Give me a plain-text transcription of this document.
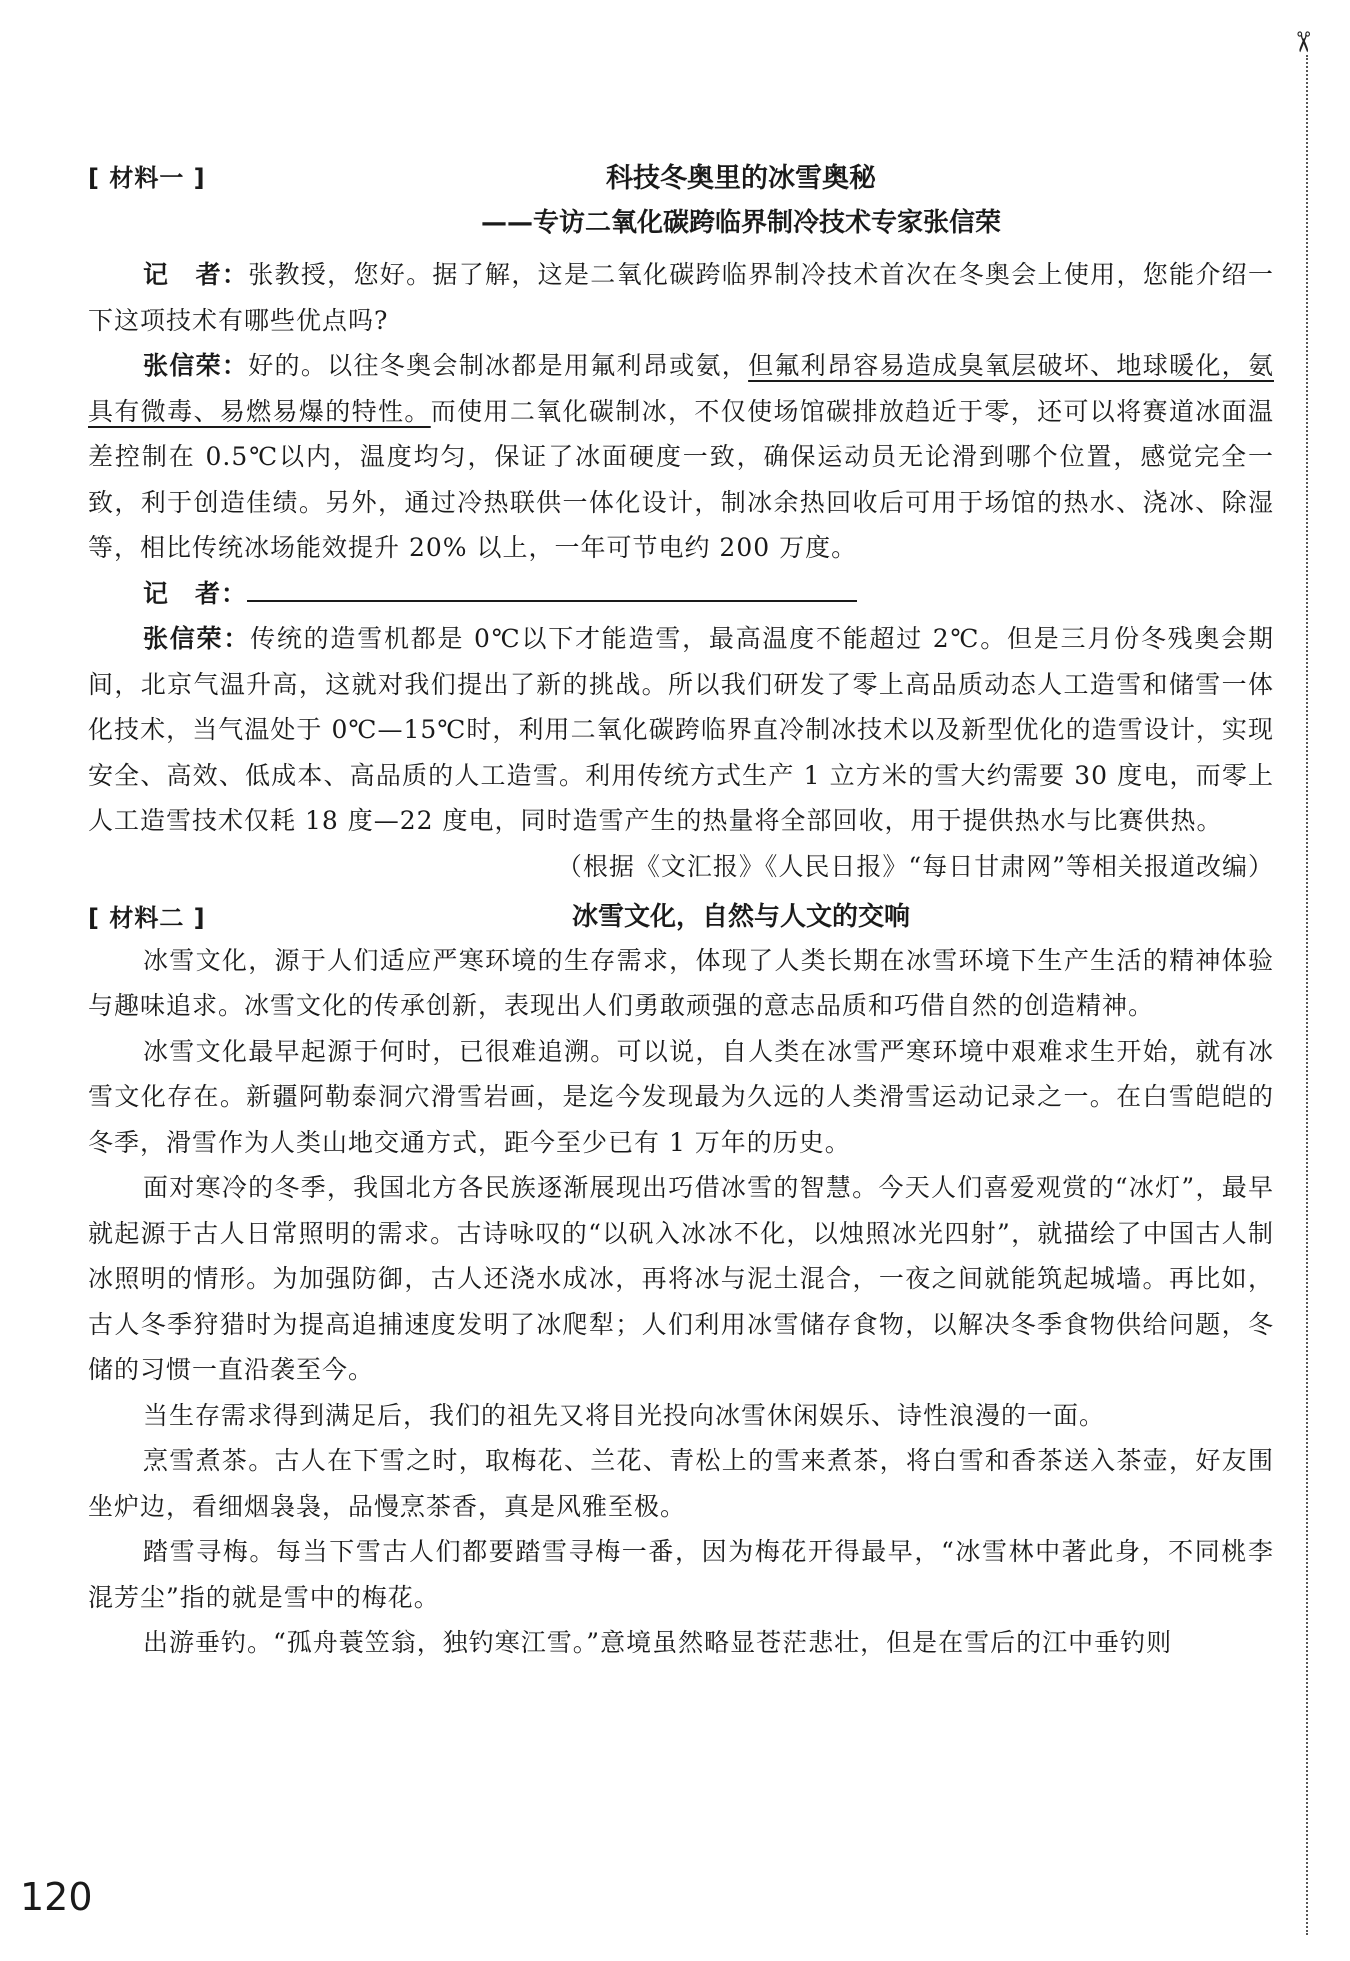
✂
[ 材料一 ]	科技冬奥里的冰雪奥秘
——专访二氧化碳跨临界制冷技术专家张信荣

记　者：张教授，您好。据了解，这是二氧化碳跨临界制冷技术首次在冬奥会上使用，您能介绍一下这项技术有哪些优点吗?

张信荣：好的。以往冬奥会制冰都是用氟利昂或氨，但氟利昂容易造成臭氧层破坏、地球暖化，氨具有微毒、易燃易爆的特性。而使用二氧化碳制冰，不仅使场馆碳排放趋近于零，还可以将赛道冰面温差控制在 0.5℃以内，温度均匀，保证了冰面硬度一致，确保运动员无论滑到哪个位置，感觉完全一致，利于创造佳绩。另外，通过冷热联供一体化设计，制冰余热回收后可用于场馆的热水、浇冰、除湿等，相比传统冰场能效提升 20% 以上，一年可节电约 200 万度。

记　者：

张信荣：传统的造雪机都是 0℃以下才能造雪，最高温度不能超过 2℃。但是三月份冬残奥会期间，北京气温升高，这就对我们提出了新的挑战。所以我们研发了零上高品质动态人工造雪和储雪一体化技术，当气温处于 0℃—15℃时，利用二氧化碳跨临界直冷制冰技术以及新型优化的造雪设计，实现安全、高效、低成本、高品质的人工造雪。利用传统方式生产 1 立方米的雪大约需要 30 度电，而零上人工造雪技术仅耗 18 度—22 度电，同时造雪产生的热量将全部回收，用于提供热水与比赛供热。

（根据《文汇报》《人民日报》“每日甘肃网”等相关报道改编）
[ 材料二 ]	冰雪文化，自然与人文的交响

冰雪文化，源于人们适应严寒环境的生存需求，体现了人类长期在冰雪环境下生产生活的精神体验与趣味追求。冰雪文化的传承创新，表现出人们勇敢顽强的意志品质和巧借自然的创造精神。

冰雪文化最早起源于何时，已很难追溯。可以说，自人类在冰雪严寒环境中艰难求生开始，就有冰雪文化存在。新疆阿勒泰洞穴滑雪岩画，是迄今发现最为久远的人类滑雪运动记录之一。在白雪皑皑的冬季，滑雪作为人类山地交通方式，距今至少已有 1 万年的历史。

面对寒冷的冬季，我国北方各民族逐渐展现出巧借冰雪的智慧。今天人们喜爱观赏的“冰灯”，最早就起源于古人日常照明的需求。古诗咏叹的“以矾入冰冰不化，以烛照冰光四射”，就描绘了中国古人制冰照明的情形。为加强防御，古人还浇水成冰，再将冰与泥土混合，一夜之间就能筑起城墙。再比如，古人冬季狩猎时为提高追捕速度发明了冰爬犁；人们利用冰雪储存食物，以解决冬季食物供给问题，冬储的习惯一直沿袭至今。

当生存需求得到满足后，我们的祖先又将目光投向冰雪休闲娱乐、诗性浪漫的一面。

烹雪煮茶。古人在下雪之时，取梅花、兰花、青松上的雪来煮茶，将白雪和香茶送入茶壶，好友围坐炉边，看细烟袅袅，品慢烹茶香，真是风雅至极。

踏雪寻梅。每当下雪古人们都要踏雪寻梅一番，因为梅花开得最早，“冰雪林中著此身，不同桃李混芳尘”指的就是雪中的梅花。

出游垂钓。“孤舟蓑笠翁，独钓寒江雪。”意境虽然略显苍茫悲壮，但是在雪后的江中垂钓则

120
